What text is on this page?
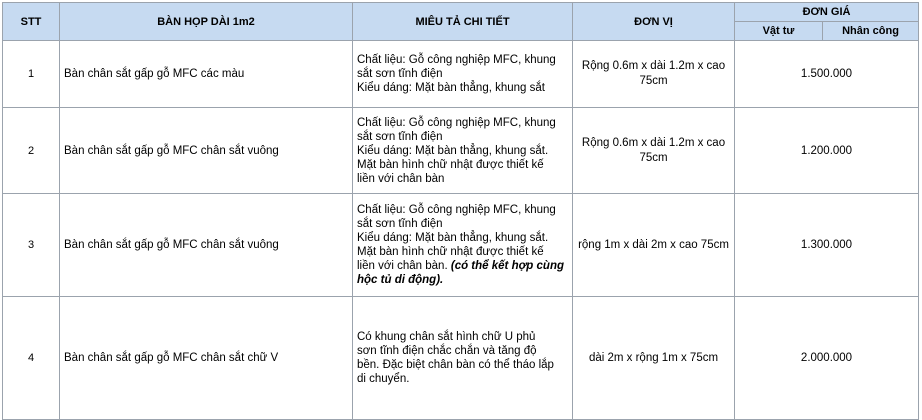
STT	BÀN HỌP DÀI 1m2	MIÊU TẢ CHI TIẾT	ĐƠN VỊ	ĐƠN GIÁ	
				Vật tư	Nhân công
1	Bàn chân sắt gấp gỗ MFC các màu	Chất liệu: Gỗ công nghiệp MFC, khung
sắt sơn tĩnh điện
Kiểu dáng: Mặt bàn thẳng, khung sắt	Rộng 0.6m x dài 1.2m x cao 75cm	1.500.000	
2	Bàn chân sắt gấp gỗ MFC chân sắt vuông	Chất liệu: Gỗ công nghiệp MFC, khung
sắt sơn tĩnh điện
Kiểu dáng: Mặt bàn thẳng, khung sắt.
Mặt bàn hình chữ nhật được thiết kế
liền với chân bàn	Rộng 0.6m x dài 1.2m x cao 75cm	1.200.000	
3	Bàn chân sắt gấp gỗ MFC chân sắt vuông	Chất liệu: Gỗ công nghiệp MFC, khung
sắt sơn tĩnh điện
Kiểu dáng: Mặt bàn thẳng, khung sắt.
Mặt bàn hình chữ nhật được thiết kế
liền với chân bàn. (có thể kết hợp cùng hộc tủ di động).	rộng 1m x dài 2m x cao 75cm	1.300.000	
4	Bàn chân sắt gấp gỗ MFC chân sắt chữ V	Có khung chân sắt hình chữ U phủ
sơn tĩnh điện chắc chắn và tăng độ
bền. Đặc biệt chân bàn có thể tháo lắp
di chuyển.	dài 2m x rộng 1m x 75cm	2.000.000	
